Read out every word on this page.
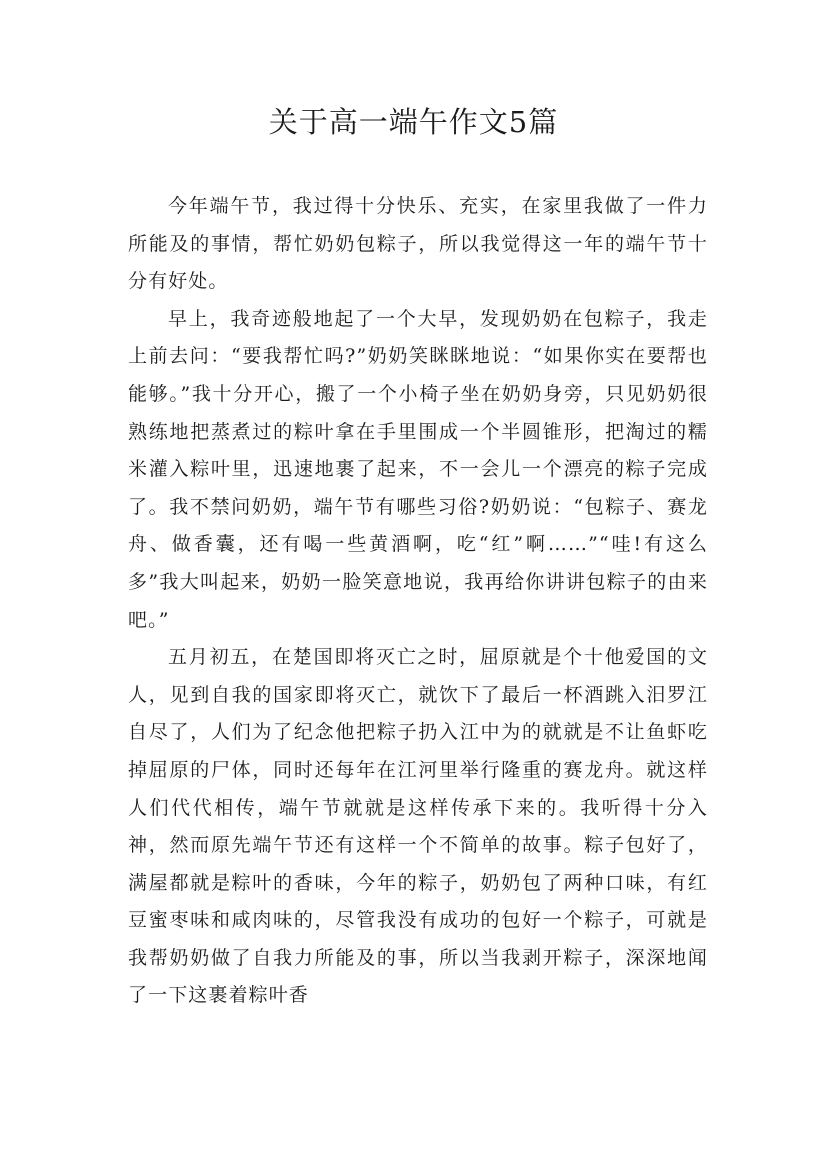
关于高一端午作文5篇

今年端午节，我过得十分快乐、充实，在家里我做了一件力所能及的事情，帮忙奶奶包粽子，所以我觉得这一年的端午节十分有好处。

早上，我奇迹般地起了一个大早，发现奶奶在包粽子，我走上前去问：“要我帮忙吗?”奶奶笑眯眯地说：“如果你实在要帮也能够。”我十分开心，搬了一个小椅子坐在奶奶身旁，只见奶奶很熟练地把蒸煮过的粽叶拿在手里围成一个半圆锥形，把淘过的糯米灌入粽叶里，迅速地裹了起来，不一会儿一个漂亮的粽子完成了。我不禁问奶奶，端午节有哪些习俗?奶奶说：“包粽子、赛龙舟、做香囊，还有喝一些黄酒啊，吃“红”啊……”“哇!有这么多”我大叫起来，奶奶一脸笑意地说，我再给你讲讲包粽子的由来吧。”

五月初五，在楚国即将灭亡之时，屈原就是个十他爱国的文人，见到自我的国家即将灭亡，就饮下了最后一杯酒跳入汨罗江自尽了，人们为了纪念他把粽子扔入江中为的就就是不让鱼虾吃掉屈原的尸体，同时还每年在江河里举行隆重的赛龙舟。就这样人们代代相传，端午节就就是这样传承下来的。我听得十分入神，然而原先端午节还有这样一个不简单的故事。粽子包好了，满屋都就是粽叶的香味，今年的粽子，奶奶包了两种口味，有红豆蜜枣味和咸肉味的，尽管我没有成功的包好一个粽子，可就是我帮奶奶做了自我力所能及的事，所以当我剥开粽子，深深地闻了一下这裹着粽叶香
